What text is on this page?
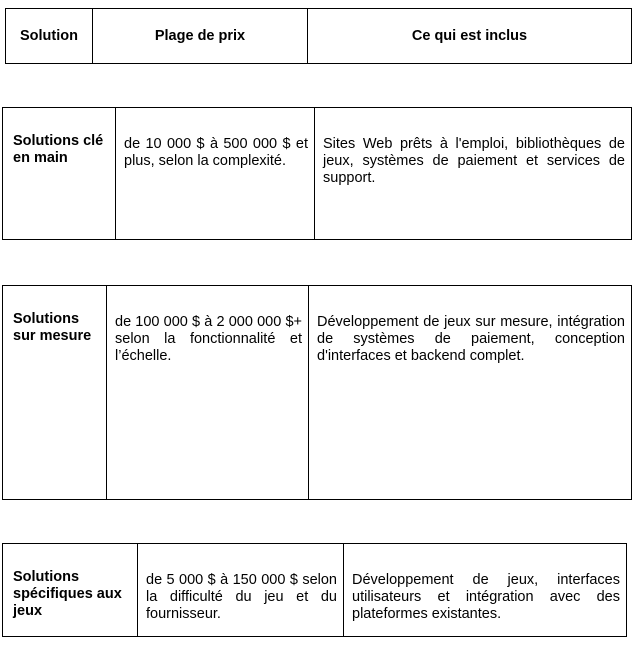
Solution	Plage de prix	Ce qui est inclus
Solutions clé en main
de 10 000 $ à 500 000 $ et plus, selon la complexité.
Sites Web prêts à l'emploi, bibliothèques de jeux, systèmes de paiement et services de support.
Solutions sur mesure
de 100 000 $ à 2 000 000 $+ selon la fonctionnalité et l’échelle.
Développement de jeux sur mesure, intégration de systèmes de paiement, conception d'interfaces et backend complet.
Solutions spécifiques aux jeux
de 5 000 $ à 150 000 $ selon la difficulté du jeu et du fournisseur.
Développement de jeux, interfaces utilisateurs et intégration avec des plateformes existantes.
